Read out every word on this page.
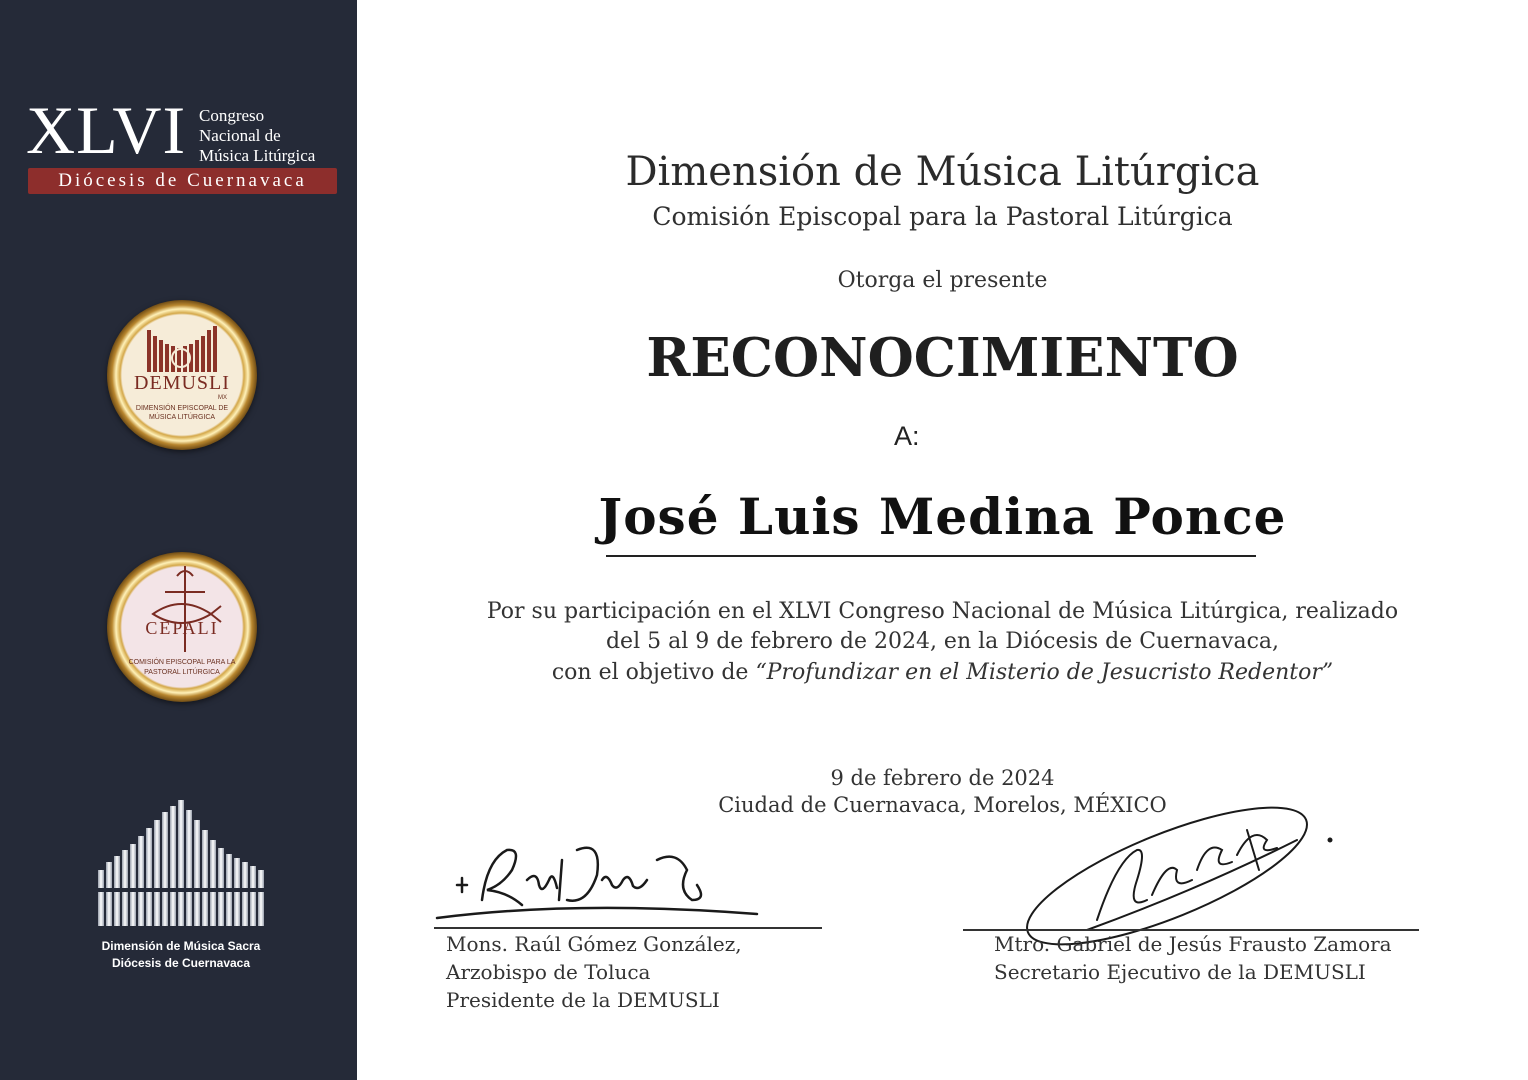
XLVI Congreso
Nacional de
Música Litúrgica
Diócesis de Cuernavaca
DEMUSLI
MX
DIMENSIÓN EPISCOPAL DE
MÚSICA LITÚRGICA
CEPALI
COMISIÓN EPISCOPAL PARA LA
PASTORAL LITÚRGICA
Dimensión de Música Sacra
Diócesis de Cuernavaca
Dimensión de Música Litúrgica
Comisión Episcopal para la Pastoral Litúrgica
Otorga el presente
RECONOCIMIENTO
A:
José Luis Medina Ponce
Por su participación en el XLVI Congreso Nacional de Música Litúrgica, realizado
del 5 al 9 de febrero de 2024, en la Diócesis de Cuernavaca,
con el objetivo de “Profundizar en el Misterio de Jesucristo Redentor”
9 de febrero de 2024
Ciudad de Cuernavaca, Morelos, MÉXICO
Mons. Raúl Gómez González,
Arzobispo de Toluca
Presidente de la DEMUSLI
Mtro. Gabriel de Jesús Frausto Zamora
Secretario Ejecutivo de la DEMUSLI
